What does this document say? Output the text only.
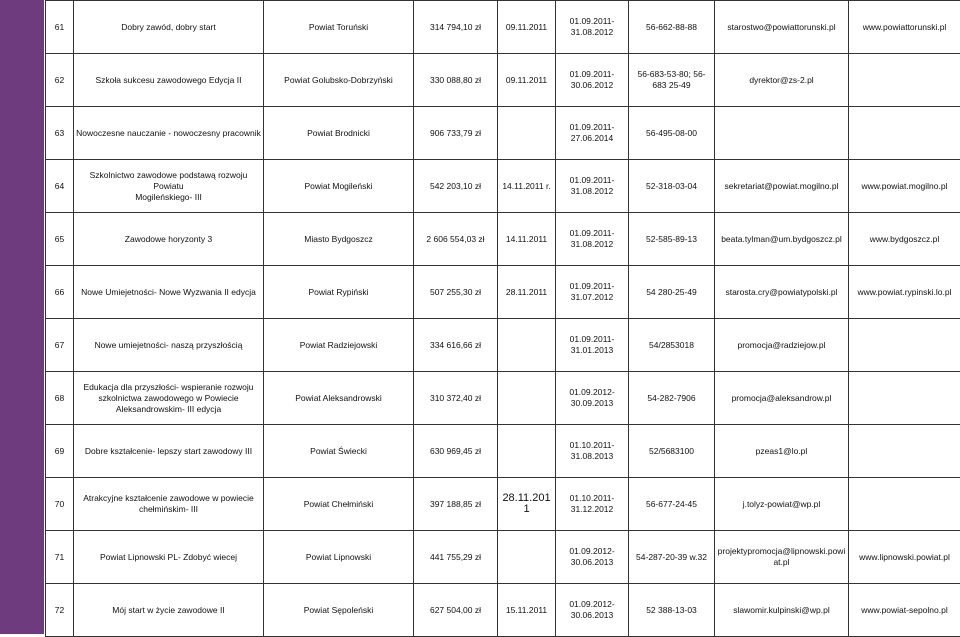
61	Dobry zawód, dobry start	Powiat Toruński	314 794,10 zł	09.11.2011	01.09.2011-
31.08.2012	56-662-88-88	starostwo@powiattorunski.pl	www.powiattorunski.pl
62	Szkoła sukcesu zawodowego Edycja II	Powiat Golubsko-Dobrzyński	330 088,80 zł	09.11.2011	01.09.2011-
30.06.2012	56-683-53-80; 56-
683 25-49	dyrektor@zs-2.pl	
63	Nowoczesne nauczanie - nowoczesny pracownik	Powiat Brodnicki	906 733,79 zł		01.09.2011-
27.06.2014	56-495-08-00		
64	Szkolnictwo zawodowe podstawą rozwoju Powiatu
Mogileńskiego- III	Powiat Mogileński	542 203,10 zł	14.11.2011 r.	01.09.2011-
31.08.2012	52-318-03-04	sekretariat@powiat.mogilno.pl	www.powiat.mogilno.pl
65	Zawodowe horyzonty 3	Miasto Bydgoszcz	2 606 554,03 zł	14.11.2011	01.09.2011-
31.08.2012	52-585-89-13	beata.tylman@um.bydgoszcz.pl	www.bydgoszcz.pl
66	Nowe Umiejetności- Nowe Wyzwania II edycja	Powiat Rypiński	507 255,30 zł	28.11.2011	01.09.2011-
31.07.2012	54 280-25-49	starosta.cry@powiatypolski.pl	www.powiat.rypinski.lo.pl
67	Nowe umiejetności- naszą przyszłością	Powiat Radziejowski	334 616,66 zł		01.09.2011-
31.01.2013	54/2853018	promocja@radziejow.pl	
68	Edukacja dla przyszłości- wspieranie rozwoju
szkolnictwa zawodowego w Powiecie
Aleksandrowskim- III edycja	Powiat Aleksandrowski	310 372,40 zł		01.09.2012-
30.09.2013	54-282-7906	promocja@aleksandrow.pl	
69	Dobre kształcenie- lepszy start zawodowy III	Powiat Świecki	630 969,45 zł		01.10.2011-
31.08.2013	52/5683100	pzeas1@lo.pl	
70	Atrakcyjne kształcenie zawodowe w powiecie
chełmińskim- III	Powiat Chełmiński	397 188,85 zł	28.11.2011	01.10.2011-
31.12.2012	56-677-24-45	j.tolyz-powiat@wp.pl	
71	Powiat Lipnowski PL- Zdobyć wiecej	Powiat Lipnowski	441 755,29 zł		01.09.2012-
30.06.2013	54-287-20-39 w.32	projektypromocja@lipnowski.powiat.pl	www.lipnowski.powiat.pl
72	Mój start w życie zawodowe II	Powiat Sępoleński	627 504,00 zł	15.11.2011	01.09.2012-
30.06.2013	52 388-13-03	slawomir.kulpinski@wp.pl	www.powiat-sepolno.pl
